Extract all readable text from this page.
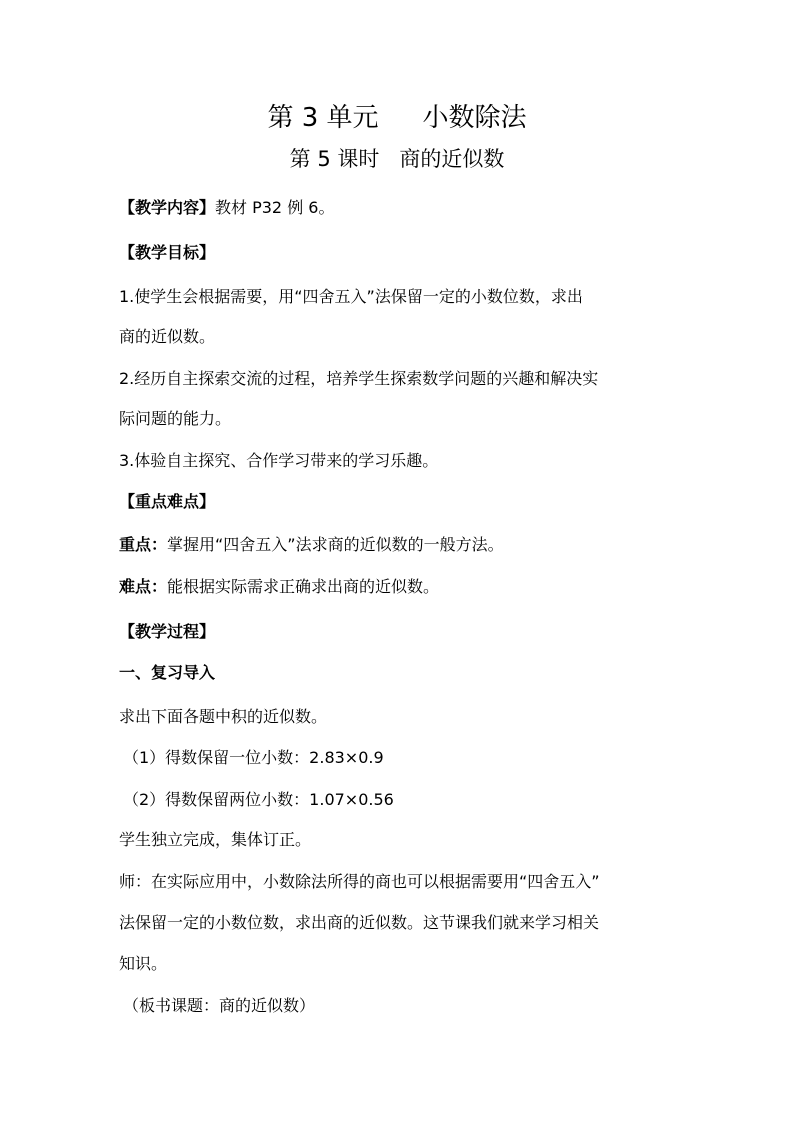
第 3 单元 小数除法
第 5 课时 商的近似数
【教学内容】教材 P32 例 6。
【教学目标】
1.使学生会根据需要，用“四舍五入”法保留一定的小数位数，求出
商的近似数。
2.经历自主探索交流的过程，培养学生探索数学问题的兴趣和解决实
际问题的能力。
3.体验自主探究、合作学习带来的学习乐趣。
【重点难点】
重点：掌握用“四舍五入”法求商的近似数的一般方法。
难点：能根据实际需求正确求出商的近似数。
【教学过程】
一、复习导入
求出下面各题中积的近似数。
（1）得数保留一位小数：2.83×0.9
（2）得数保留两位小数：1.07×0.56
学生独立完成，集体订正。
师：在实际应用中，小数除法所得的商也可以根据需要用“四舍五入”
法保留一定的小数位数，求出商的近似数。这节课我们就来学习相关
知识。
（板书课题：商的近似数）
